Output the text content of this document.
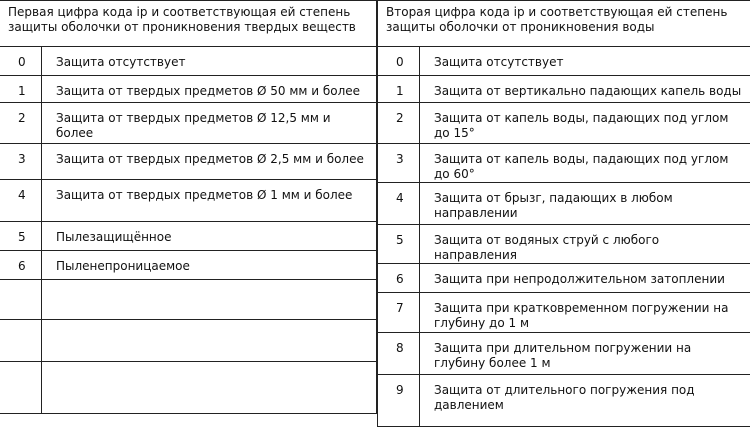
Первая цифра кода ip и соответствующая ей степень защиты оболочки от проникновения твердых веществ	
0	Защита отсутствует
1	Защита от твердых предметов Ø 50 мм и более
2	Защита от твердых предметов Ø 12,5 мм и более
3	Защита от твердых предметов Ø 2,5 мм и более
4	Защита от твердых предметов Ø 1 мм и более
5	Пылезащищённое
6	Пыленепроницаемое

Вторая цифра кода ip и соответствующая ей степень защиты оболочки от проникновения воды	
0	Защита отсутствует
1	Защита от вертикально падающих капель воды
2	Защита от капель воды, падающих под углом до 15°
3	Защита от капель воды, падающих под углом до 60°
4	Защита от брызг, падающих в любом направлении
5	Защита от водяных струй с любого направления
6	Защита при непродолжительном затоплении
7	Защита при кратковременном погружении на глубину до 1 м
8	Защита при длительном погружении на глубину более 1 м
9	Защита от длительного погружения под давлением
